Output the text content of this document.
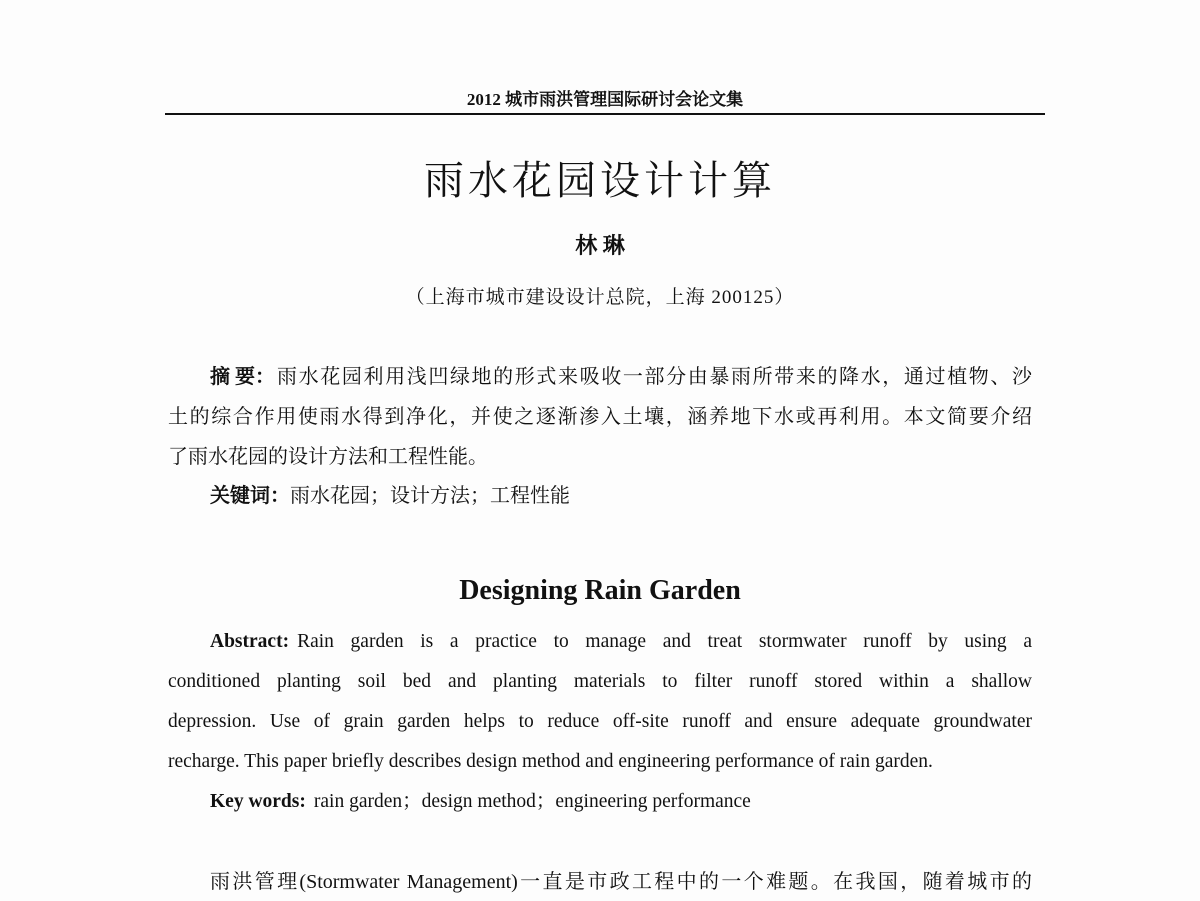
2012 城市雨洪管理国际研讨会论文集
雨水花园设计计算
林 琳
（上海市城市建设设计总院，上海 200125）
摘 要： 雨水花园利用浅凹绿地的形式来吸收一部分由暴雨所带来的降水，通过植物、沙
土的综合作用使雨水得到净化，并使之逐渐渗入土壤，涵养地下水或再利用。本文简要介绍
了雨水花园的设计方法和工程性能。
关键词： 雨水花园；设计方法；工程性能
Designing Rain Garden
Abstract: Rain garden is a practice to manage and treat stormwater runoff by using a
conditioned planting soil bed and planting materials to filter runoff stored within a shallow
depression. Use of grain garden helps to reduce off-site runoff and ensure adequate groundwater
recharge. This paper briefly describes design method and engineering performance of rain garden.
Key words: rain garden；design method；engineering performance
雨洪管理(Stormwater Management)一直是市政工程中的一个难题。在我国，随着城市的
